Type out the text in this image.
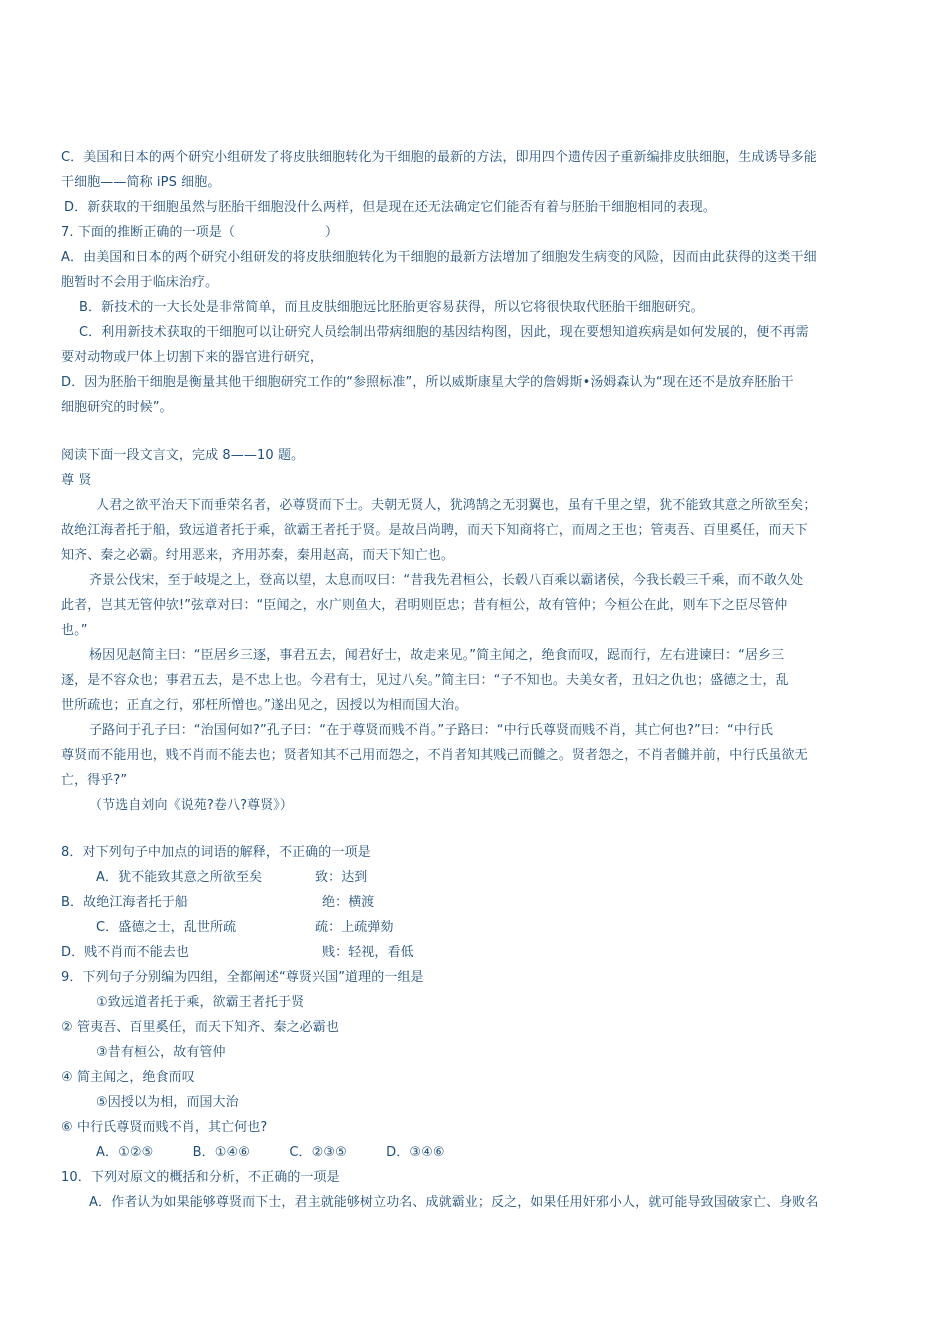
C．美国和日本的两个研究小组研发了将皮肤细胞转化为干细胞的最新的方法，即用四个遗传因子重新编排皮肤细胞，生成诱导多能
干细胞——简称 iPS 细胞。
D．新获取的干细胞虽然与胚胎干细胞没什么两样，但是现在还无法确定它们能否有着与胚胎干细胞相同的表现。
7. 下面的推断正确的一项是（	）
A．由美国和日本的两个研究小组研发的将皮肤细胞转化为干细胞的最新方法增加了细胞发生病变的风险，因而由此获得的这类干细
胞暂时不会用于临床治疗。
B．新技术的一大长处是非常简单，而且皮肤细胞远比胚胎更容易获得，所以它将很快取代胚胎干细胞研究。
C．利用新技术获取的干细胞可以让研究人员绘制出带病细胞的基因结构图，因此，现在要想知道疾病是如何发展的，便不再需
要对动物或尸体上切割下来的器官进行研究，
D．因为胚胎干细胞是衡量其他干细胞研究工作的“参照标准”，所以威斯康星大学的詹姆斯•汤姆森认为“现在还不是放弃胚胎干
细胞研究的时候”。
阅读下面一段文言文，完成 8——10 题。
尊 贤
人君之欲平治天下而垂荣名者，必尊贤而下士。夫朝无贤人，犹鸿鹄之无羽翼也，虽有千里之望，犹不能致其意之所欲至矣；
故绝江海者托于船，致远道者托于乘，欲霸王者托于贤。是故吕尚聘，而天下知商将亡，而周之王也；管夷吾、百里奚任，而天下
知齐、秦之必霸。纣用恶来，齐用苏秦，秦用赵高，而天下知亡也。
齐景公伐宋，至于岐堤之上，登高以望，太息而叹曰：“昔我先君桓公，长毂八百乘以霸诸侯，今我长毂三千乘，而不敢久处
此者，岂其无管仲欤!”弦章对曰：“臣闻之，水广则鱼大，君明则臣忠；昔有桓公，故有管仲；今桓公在此，则车下之臣尽管仲
也。”
杨因见赵简主曰：“臣居乡三逐，事君五去，闻君好士，故走来见。”简主闻之，绝食而叹，跽而行，左右进谏曰：“居乡三
逐，是不容众也；事君五去，是不忠上也。今君有士，见过八矣。”简主曰：“子不知也。夫美女者，丑妇之仇也；盛德之士，乱
世所疏也；正直之行，邪枉所憎也。”遂出见之，因授以为相而国大治。
子路问于孔子曰：“治国何如?”孔子曰：“在于尊贤而贱不肖。”子路曰：“中行氏尊贤而贱不肖，其亡何也?”曰：“中行氏
尊贤而不能用也，贱不肖而不能去也；贤者知其不己用而怨之，不肖者知其贱己而雠之。贤者怨之，不肖者雠并前，中行氏虽欲无
亡，得乎?”
（节选自刘向《说苑?卷八?尊贤》）
8．对下列句子中加点的词语的解释，不正确的一项是
A．犹不能致其意之所欲至矣	致：达到
B．故绝江海者托于船	绝：横渡
C．盛德之士，乱世所疏	疏：上疏弹劾
D．贱不肖而不能去也	贱：轻视，看低
9．下列句子分别编为四组，全都阐述“尊贤兴国”道理的一组是
①致远道者托于乘，欲霸王者托于贤
② 管夷吾、百里奚任，而天下知齐、秦之必霸也
③昔有桓公，故有管仲
④ 简主闻之，绝食而叹
⑤因授以为相，而国大治
⑥ 中行氏尊贤而贱不肖，其亡何也?
A．①②⑤　　　B．①④⑥　　　C．②③⑤　　　D．③④⑥
10．下列对原文的概括和分析，不正确的一项是
A．作者认为如果能够尊贤而下士，君主就能够树立功名、成就霸业；反之，如果任用奸邪小人，就可能导致国破家亡、身败名
